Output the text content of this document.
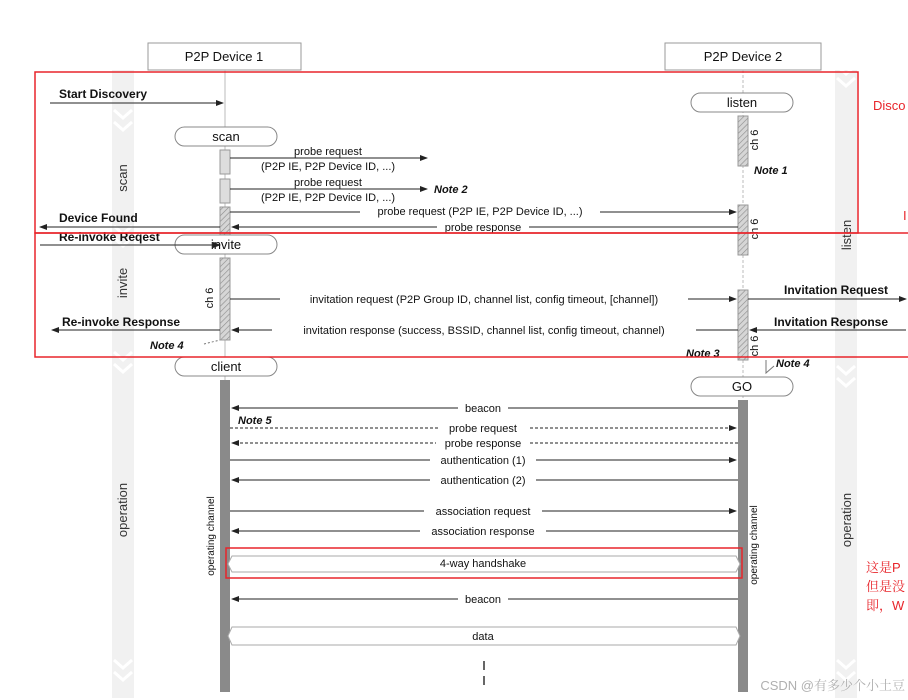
P2P Device 1	P2P Device 2
scan
invite
client
listen
GO
scan
invite
operation
listen
operation
ch 6
ch 6
ch 6
ch 6
operating channel	operating channel
Start Discovery
Device Found
Re-invoke Reqest
Re-invoke Response
Invitation Request
Invitation Response
probe request
(P2P IE, P2P Device ID, ...)
probe request
(P2P IE, P2P Device ID, ...)
Note 2
probe request (P2P IE, P2P Device ID, ...)
probe response
Note 1
invitation request (P2P Group ID, channel list, config timeout, [channel])
invitation response (success, BSSID, channel list, config timeout, channel)
Note 4
Note 3
Note 4
beacon
Note 5
probe request
probe response
authentication (1)
authentication (2)
association request
association response
4-way handshake
beacon
data
Disco
I
这是P
但是没
即，W
CSDN @有多少个小土豆
